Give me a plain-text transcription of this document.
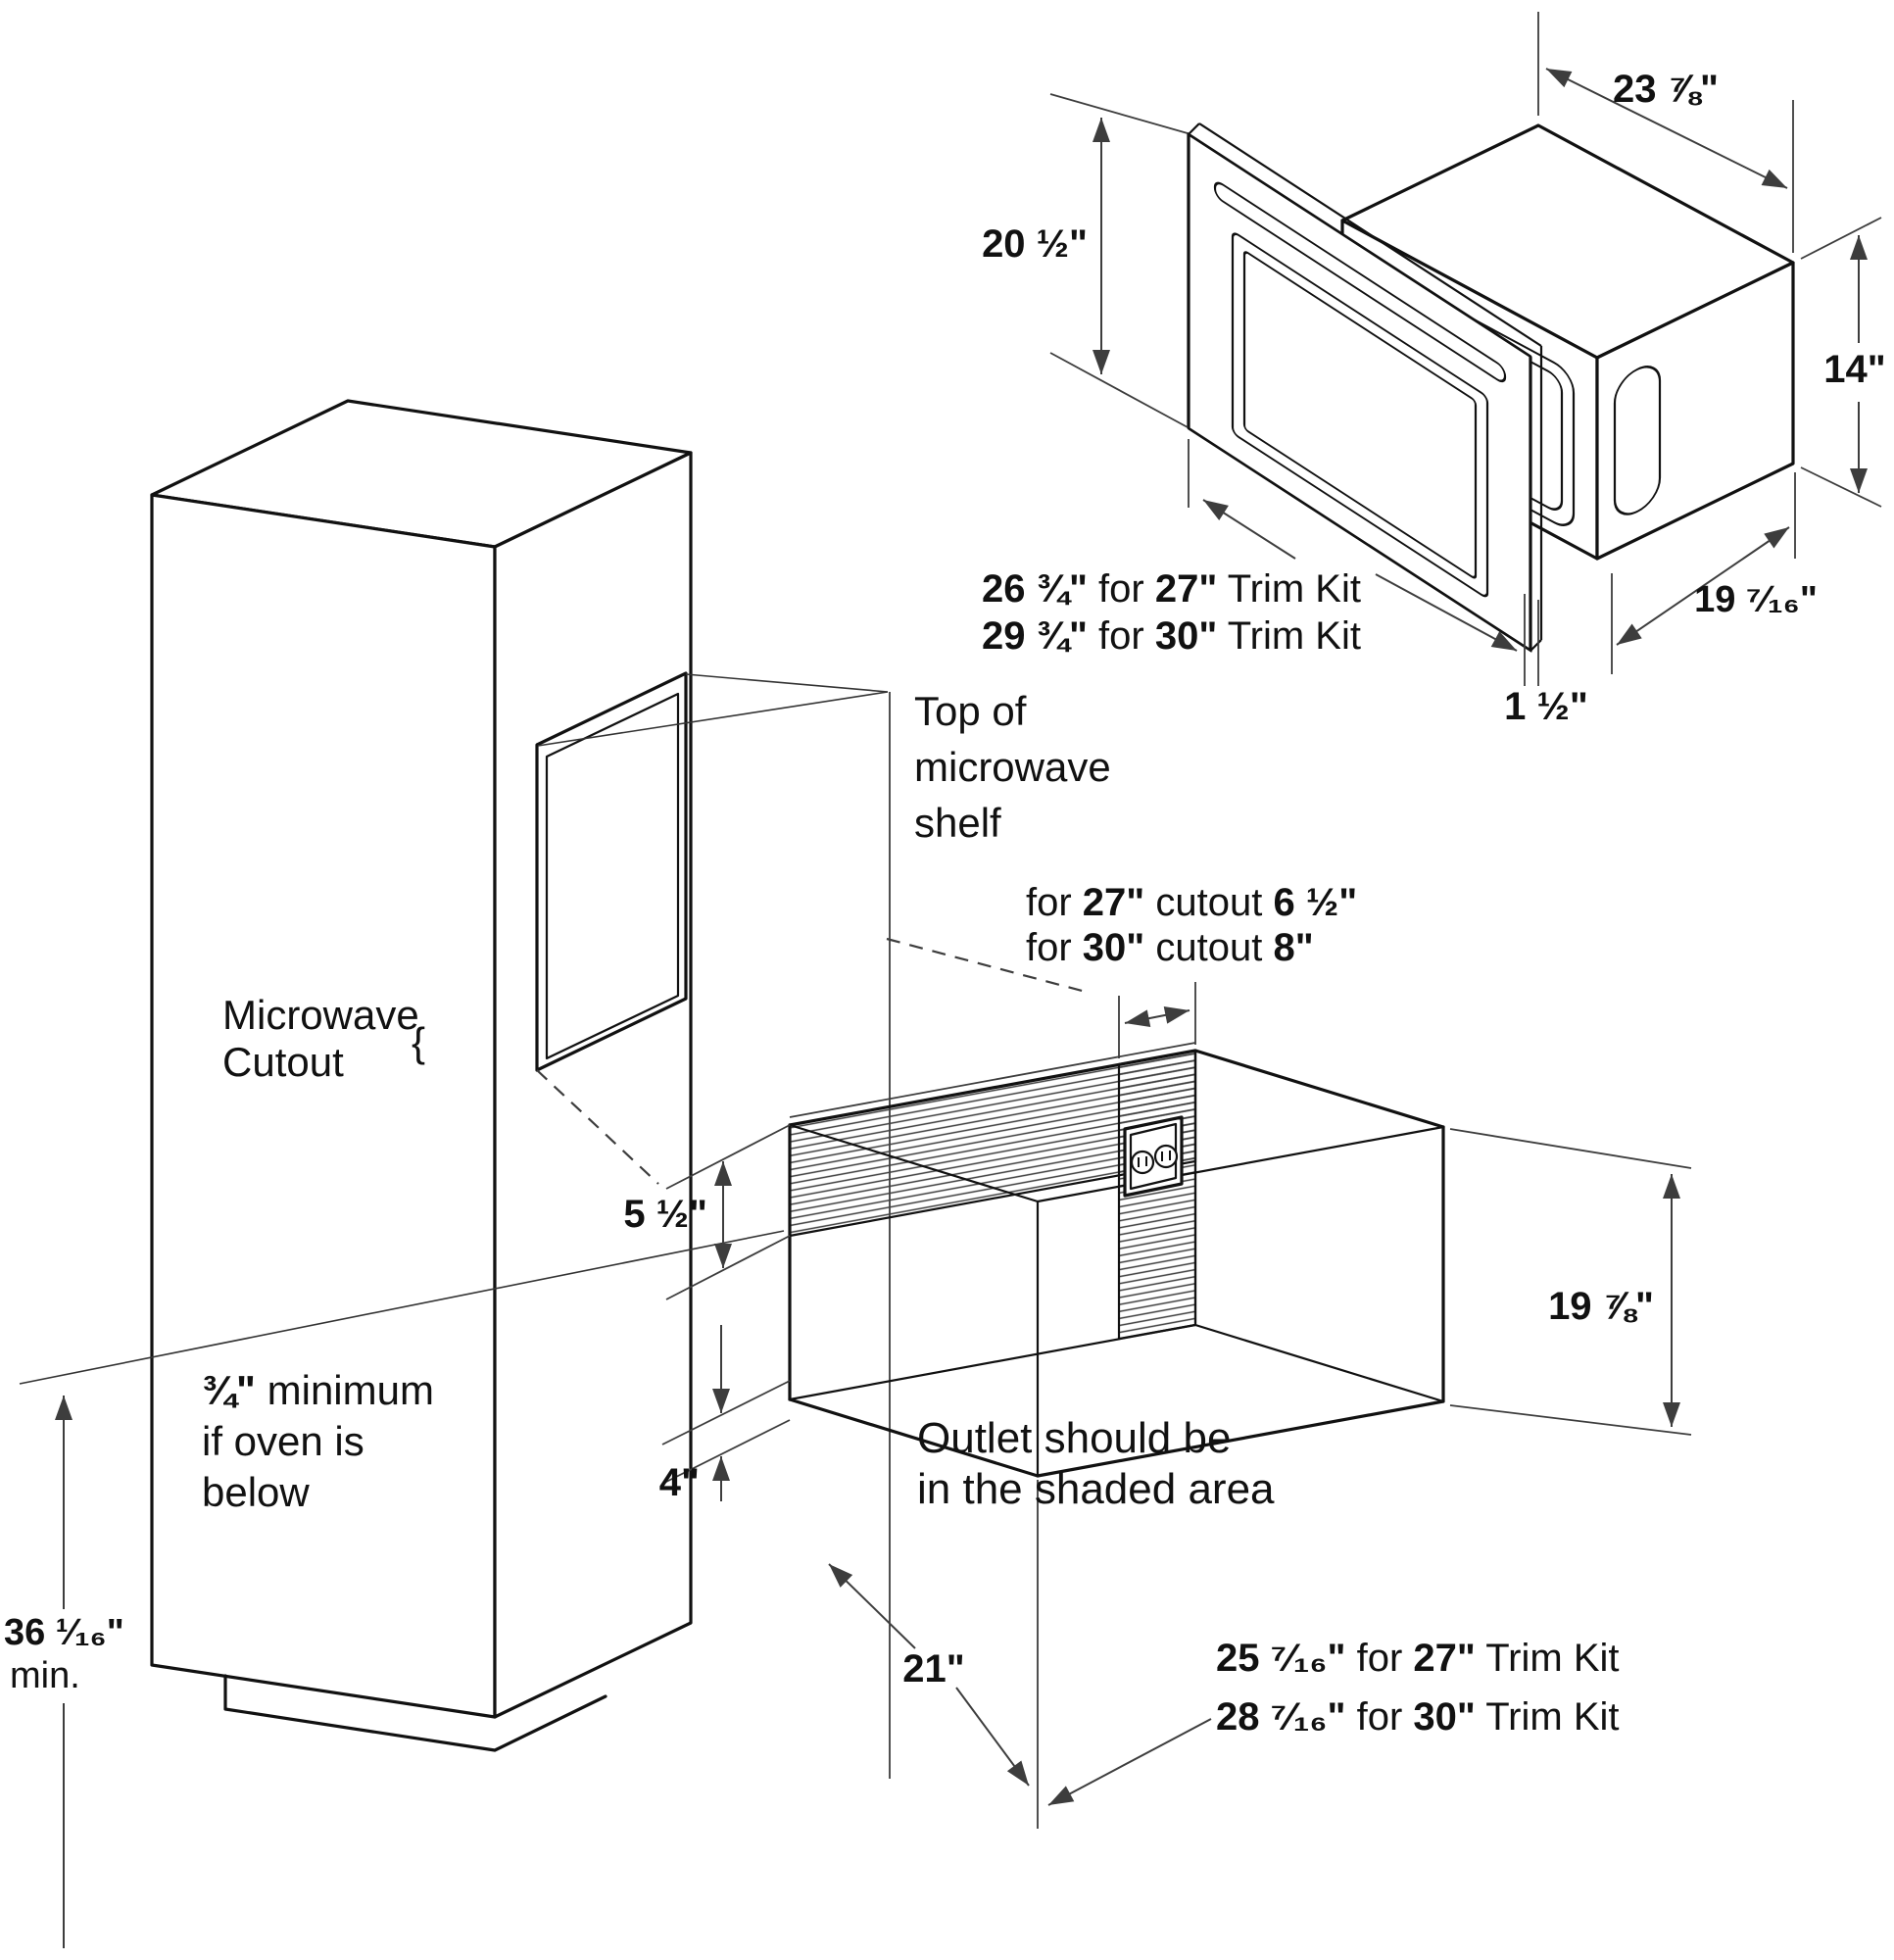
23 ⅞"
20 ½"
14"
19 ⁷⁄₁₆"
26 ¾" for 27" Trim Kit
29 ¾" for 30" Trim Kit
1 ½"
{
Microwave
Cutout
¾" minimum
if oven is
below
36 ¹⁄₁₆"
min.
Top of
microwave
shelf
for 27" cutout 6 ½"
for 30" cutout 8"
5 ½"
4"
21"
19 ⅞"
Outlet should be
in the shaded area
25 ⁷⁄₁₆" for 27" Trim Kit
28 ⁷⁄₁₆" for 30" Trim Kit
